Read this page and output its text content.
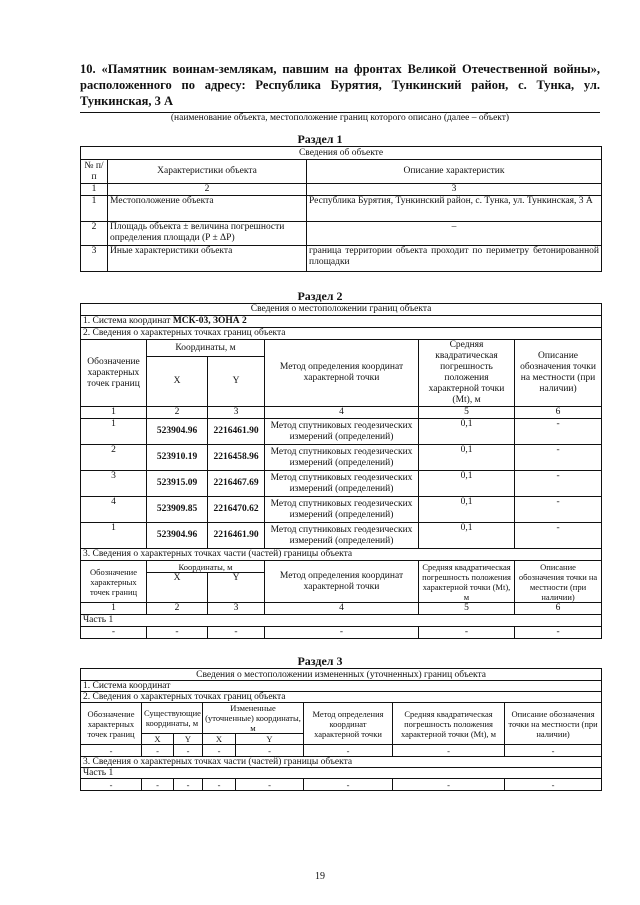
10. «Памятник воинам-землякам, павшим на фронтах Великой Отечественной войны», расположенного по адресу: Республика Бурятия, Тункинский район, с. Тунка, ул. Тункинская, 3 А
(наименование объекта, местоположение границ которого описано (далее – объект)
Раздел 1
Сведения об объекте		
№ п/п	Характеристики объекта	Описание характеристик
1	2	3
1	Местоположение объекта	Республика Бурятия, Тункинский район, с. Тунка, ул. Тункинская, 3 А
2	Площадь объекта ± величина погрешности определения площади (P ± ΔP)	–
3	Иные характеристики объекта	граница территории объекта проходит по периметру бетонированной площадки
Раздел 2
Сведения о местоположении границ объекта					
1. Система координат МСК-03, ЗОНА 2					
2. Сведения о характерных точках границ объекта					
Обозначение характерных точек границ	Координаты, м		Метод определения координат характерной точки	Средняя квадратическая погрешность положения характерной точки (Mt), м	Описание обозначения точки на местности (при наличии)
	X	Y			
1	2	3	4	5	6
1	523904.96	2216461.90	Метод спутниковых геодезических измерений (определений)	0,1	-
2	523910.19	2216458.96	Метод спутниковых геодезических измерений (определений)	0,1	-
3	523915.09	2216467.69	Метод спутниковых геодезических измерений (определений)	0,1	-
4	523909.85	2216470.62	Метод спутниковых геодезических измерений (определений)	0,1	-
1	523904.96	2216461.90	Метод спутниковых геодезических измерений (определений)	0,1	-
3. Сведения о характерных точках части (частей) границы объекта					
Обозначение характерных точек границ	Координаты, м		Метод определения координат характерной точки	Средняя квадратическая погрешность положения характерной точки (Mt), м	Описание обозначения точки на местности (при наличии)
	X	Y			
1	2	3	4	5	6
Часть 1					
-	-	-	-	-	-
Раздел 3
Сведения о местоположении измененных (уточненных) границ объекта							
1. Система координат							
2. Сведения о характерных точках границ объекта							
Обозначение характерных точек границ	Существующие координаты, м		Измененные (уточненные) координаты, м		Метод определения координат характерной точки	Средняя квадратическая погрешность положения характерной точки (Mt), м	Описание обозначения точки на местности (при наличии)
	X	Y	X	Y			
-	-	-	-	-	-	-	-
3. Сведения о характерных точках части (частей) границы объекта							
Часть 1							
-	-	-	-	-	-	-	-
19
